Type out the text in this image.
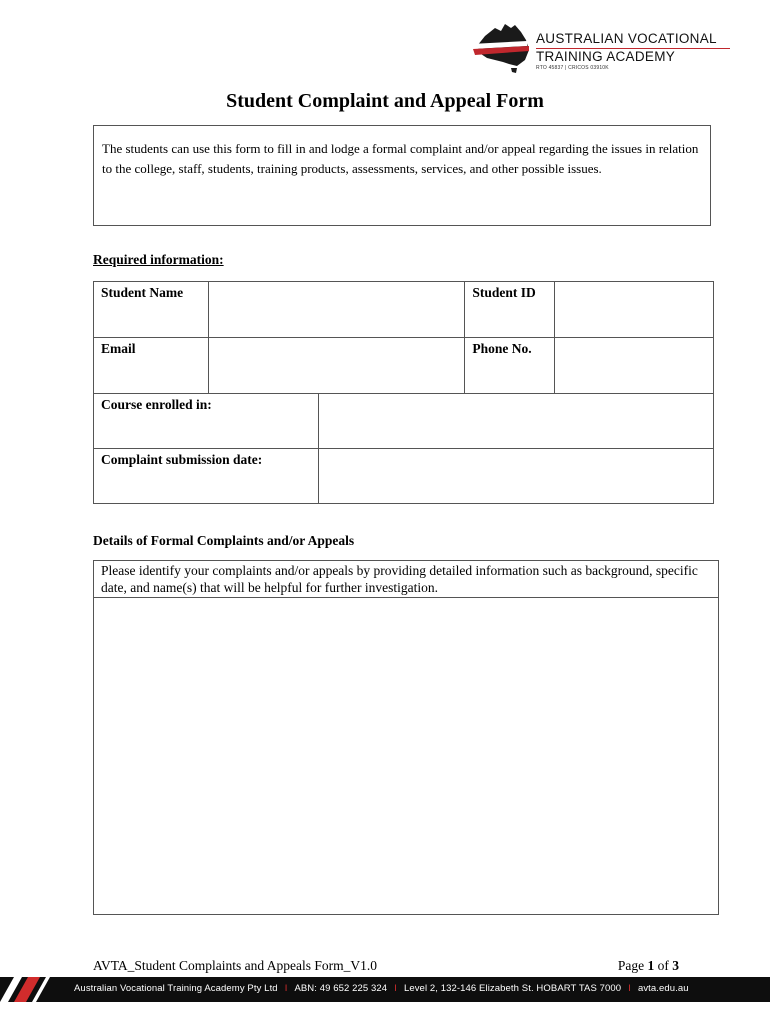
AUSTRALIAN VOCATIONAL
TRAINING ACADEMY
RTO 45837 | CRICOS 03910K
Student Complaint and Appeal Form
The students can use this form to fill in and lodge a formal complaint and/or appeal regarding the issues in relation to the college, staff, students, training products, assessments, services, and other possible issues.

Required information:

Student Name		Student ID	
Email		Phone No.	
Course enrolled in:	
Complaint submission date:	

Details of Formal Complaints and/or Appeals

Please identify your complaints and/or appeals by providing detailed information such as background, specific date, and name(s) that will be helpful for further investigation.
AVTA_Student Complaints and Appeals Form_V1.0	Page 1 of 3
Australian Vocational Training Academy Pty Ltd I ABN: 49 652 225 324 I Level 2, 132-146 Elizabeth St. HOBART TAS 7000 I avta.edu.au
